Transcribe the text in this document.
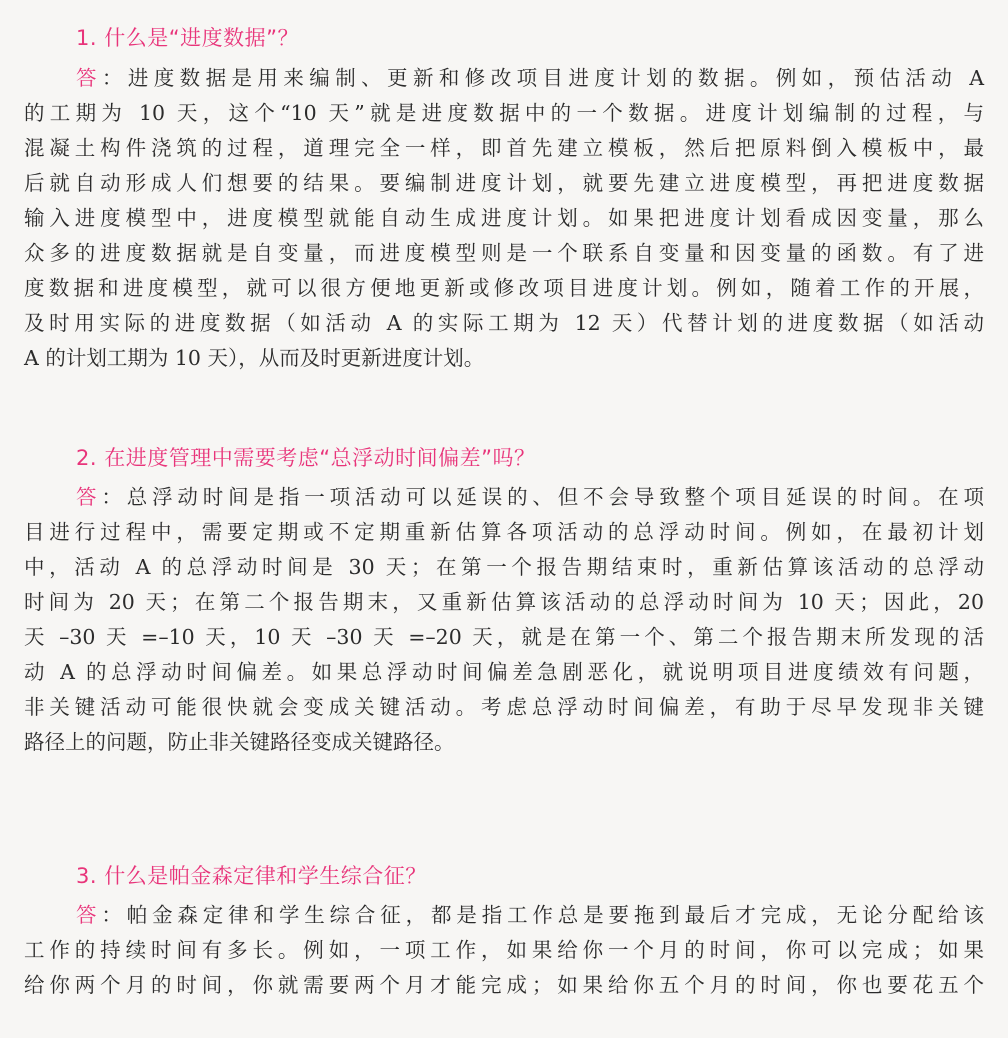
1. 什么是“进度数据”？
答：进度数据是用来编制、更新和修改项目进度计划的数据。例如，预估活动 A
的工期为 10 天，这个“10 天”就是进度数据中的一个数据。进度计划编制的过程，与
混凝土构件浇筑的过程，道理完全一样，即首先建立模板，然后把原料倒入模板中，最
后就自动形成人们想要的结果。要编制进度计划，就要先建立进度模型，再把进度数据
输入进度模型中，进度模型就能自动生成进度计划。如果把进度计划看成因变量，那么
众多的进度数据就是自变量，而进度模型则是一个联系自变量和因变量的函数。有了进
度数据和进度模型，就可以很方便地更新或修改项目进度计划。例如，随着工作的开展，
及时用实际的进度数据（如活动 A 的实际工期为 12 天）代替计划的进度数据（如活动
A 的计划工期为 10 天），从而及时更新进度计划。
2. 在进度管理中需要考虑“总浮动时间偏差”吗？
答：总浮动时间是指一项活动可以延误的、但不会导致整个项目延误的时间。在项
目进行过程中，需要定期或不定期重新估算各项活动的总浮动时间。例如，在最初计划
中，活动 A 的总浮动时间是 30 天；在第一个报告期结束时，重新估算该活动的总浮动
时间为 20 天；在第二个报告期末，又重新估算该活动的总浮动时间为 10 天；因此，20
天 –30 天 =–10 天，10 天 –30 天 =–20 天，就是在第一个、第二个报告期末所发现的活
动 A 的总浮动时间偏差。如果总浮动时间偏差急剧恶化，就说明项目进度绩效有问题，
非关键活动可能很快就会变成关键活动。考虑总浮动时间偏差，有助于尽早发现非关键
路径上的问题，防止非关键路径变成关键路径。
3. 什么是帕金森定律和学生综合征？
答：帕金森定律和学生综合征，都是指工作总是要拖到最后才完成，无论分配给该
工作的持续时间有多长。例如，一项工作，如果给你一个月的时间，你可以完成；如果
给你两个月的时间，你就需要两个月才能完成；如果给你五个月的时间，你也要花五个
